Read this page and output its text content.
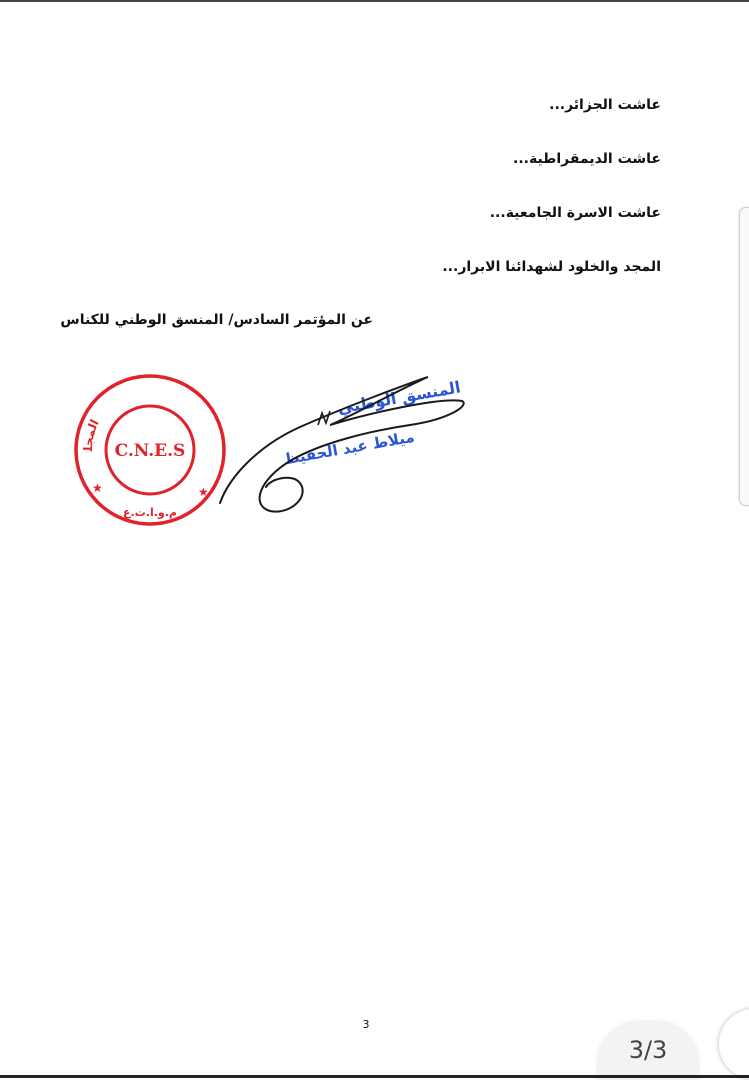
عاشت الجزائر...
عاشت الديمقراطية...
عاشت الاسرة الجامعية...
المجد والخلود لشهدائنا الابرار...
عن المؤتمر السادس/ المنسق الوطني للكناس
المجل	C.N.E.S
م.و.ا.ت.ع
★	★
المنسق الوطني
ميلاط عبد الحفيظ
3
3/3
